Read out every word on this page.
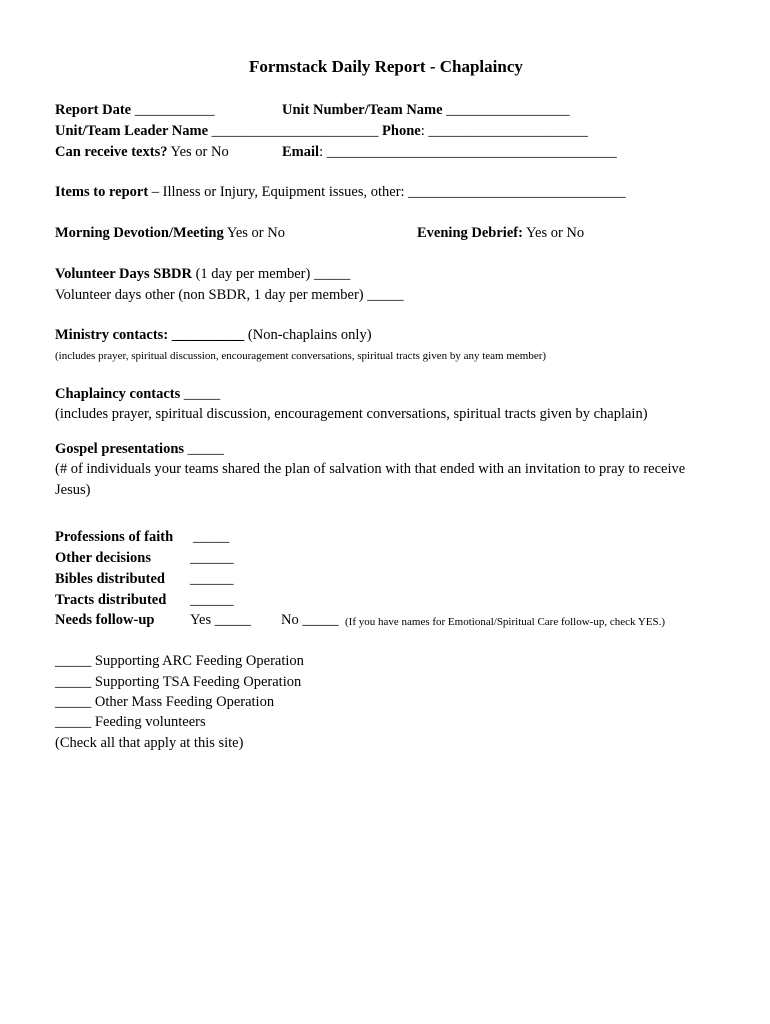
Formstack Daily Report - Chaplaincy
Report Date ___________	Unit Number/Team Name _________________
Unit/Team Leader Name _______________________ Phone: ______________________
Can receive texts? Yes or No	Email: ________________________________________
Items to report – Illness or Injury, Equipment issues, other: ______________________________
Morning Devotion/Meeting Yes or No	Evening Debrief: Yes or No
Volunteer Days SBDR (1 day per member) _____
Volunteer days other (non SBDR, 1 day per member) _____
Ministry contacts: __________ (Non-chaplains only)
(includes prayer, spiritual discussion, encouragement conversations, spiritual tracts given by any team member)
Chaplaincy contacts _____
(includes prayer, spiritual discussion, encouragement conversations, spiritual tracts given by chaplain)
Gospel presentations _____
(# of individuals your teams shared the plan of salvation with that ended with an invitation to pray to receive Jesus)
Professions of faith _____
Other decisions	______
Bibles distributed ______
Tracts distributed ______
Needs follow-up Yes _____ No _____ (If you have names for Emotional/Spiritual Care follow-up, check YES.)
_____ Supporting ARC Feeding Operation
_____ Supporting TSA Feeding Operation
_____ Other Mass Feeding Operation
_____ Feeding volunteers
(Check all that apply at this site)
